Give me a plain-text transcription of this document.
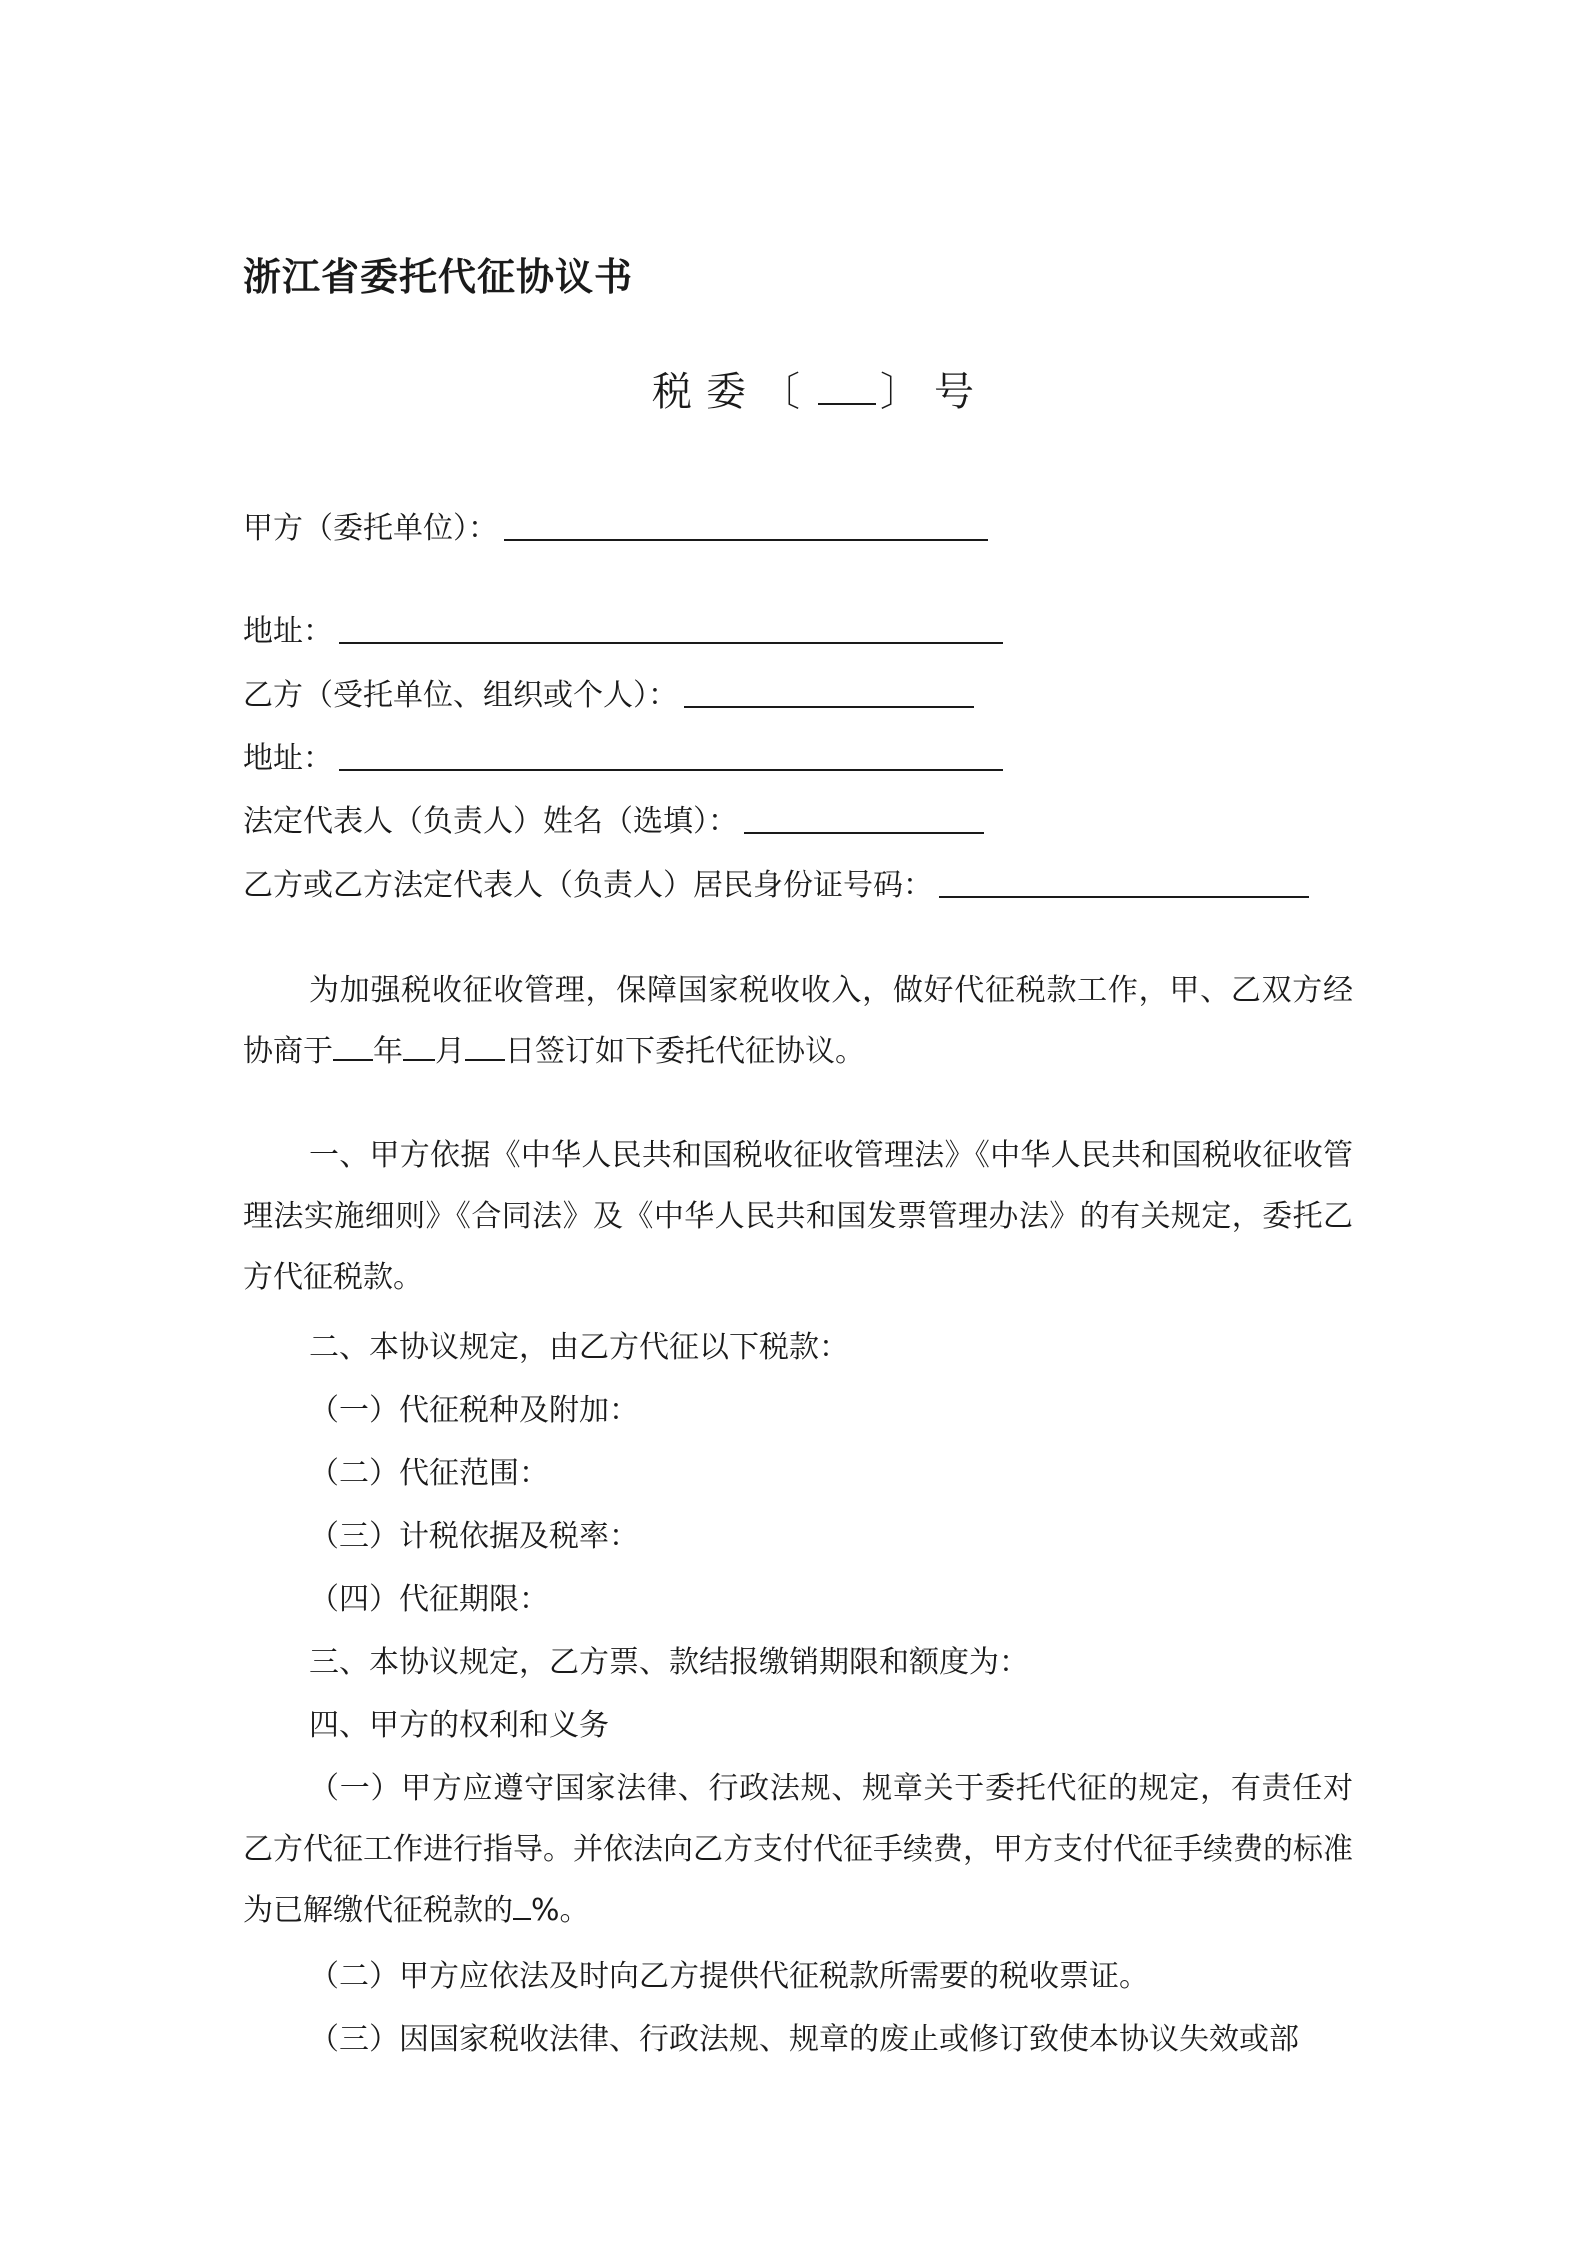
浙江省委托代征协议书
税委〔 〕号
甲方（委托单位）：
地址：
乙方（受托单位、组织或个人）：
地址：
法定代表人（负责人）姓名（选填）：
乙方或乙方法定代表人（负责人）居民身份证号码：
为加强税收征收管理，保障国家税收收入，做好代征税款工作，甲、乙双方经协商于 年 月 日签订如下委托代征协议。
一、甲方依据《中华人民共和国税收征收管理法》《中华人民共和国税收征收管理法实施细则》《合同法》及《中华人民共和国发票管理办法》的有关规定，委托乙方代征税款。
二、本协议规定，由乙方代征以下税款：
（一）代征税种及附加：
（二）代征范围：
（三）计税依据及税率：
（四）代征期限：
三、本协议规定，乙方票、款结报缴销期限和额度为：
四、甲方的权利和义务
（一）甲方应遵守国家法律、行政法规、规章关于委托代征的规定，有责任对乙方代征工作进行指导。并依法向乙方支付代征手续费，甲方支付代征手续费的标准为已解缴代征税款的 %。
（二）甲方应依法及时向乙方提供代征税款所需要的税收票证。
（三）因国家税收法律、行政法规、规章的废止或修订致使本协议失效或部
